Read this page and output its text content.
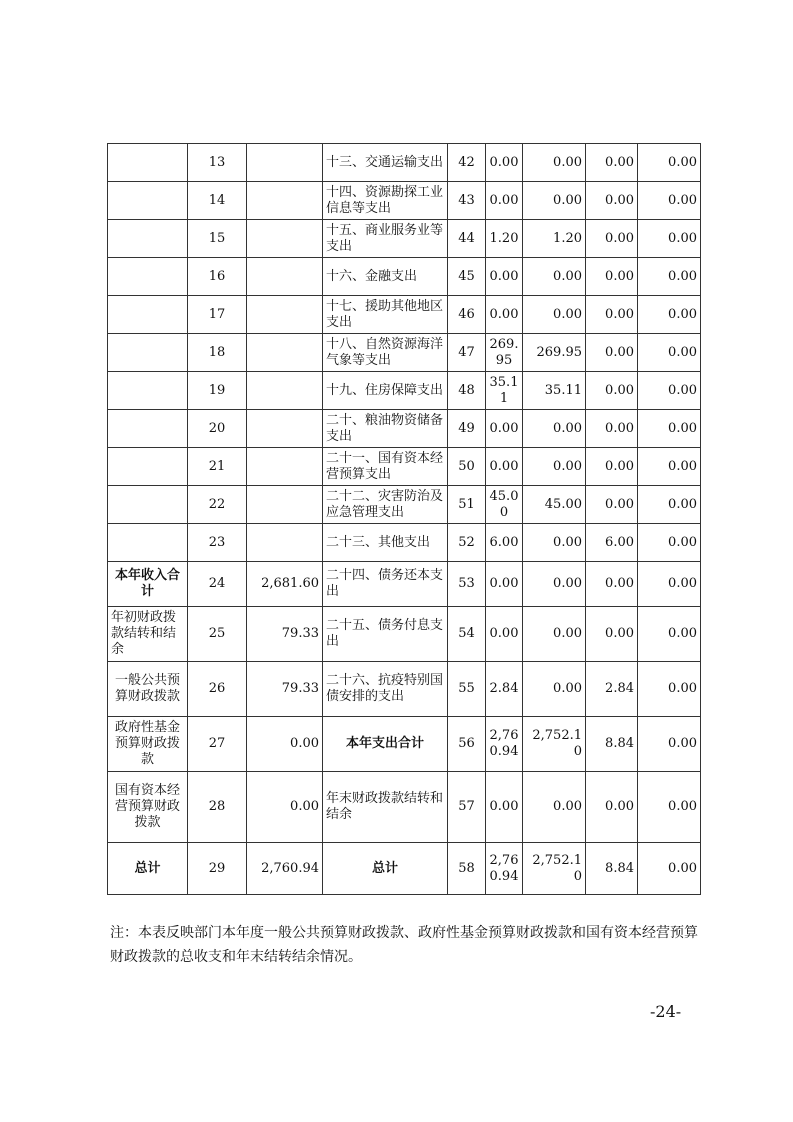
	13		十三、交通运输支出	42	0.00	0.00	0.00	0.00
	14		十四、资源勘探工业信息等支出	43	0.00	0.00	0.00	0.00
	15		十五、商业服务业等支出	44	1.20	1.20	0.00	0.00
	16		十六、金融支出	45	0.00	0.00	0.00	0.00
	17		十七、援助其他地区支出	46	0.00	0.00	0.00	0.00
	18		十八、自然资源海洋气象等支出	47	269.95	269.95	0.00	0.00
	19		十九、住房保障支出	48	35.11	35.11	0.00	0.00
	20		二十、粮油物资储备支出	49	0.00	0.00	0.00	0.00
	21		二十一、国有资本经营预算支出	50	0.00	0.00	0.00	0.00
	22		二十二、灾害防治及应急管理支出	51	45.00	45.00	0.00	0.00
	23		二十三、其他支出	52	6.00	0.00	6.00	0.00
本年收入合计	24	2,681.60	二十四、债务还本支出	53	0.00	0.00	0.00	0.00
年初财政拨款结转和结余	25	79.33	二十五、债务付息支出	54	0.00	0.00	0.00	0.00
一般公共预算财政拨款	26	79.33	二十六、抗疫特别国债安排的支出	55	2.84	0.00	2.84	0.00
政府性基金预算财政拨款	27	0.00	本年支出合计	56	2,760.94	2,752.10	8.84	0.00
国有资本经营预算财政拨款	28	0.00	年末财政拨款结转和结余	57	0.00	0.00	0.00	0.00
总计	29	2,760.94	总计	58	2,760.94	2,752.10	8.84	0.00

注：本表反映部门本年度一般公共预算财政拨款、政府性基金预算财政拨款和国有资本经营预算财政拨款的总收支和年末结转结余情况。

-24-
